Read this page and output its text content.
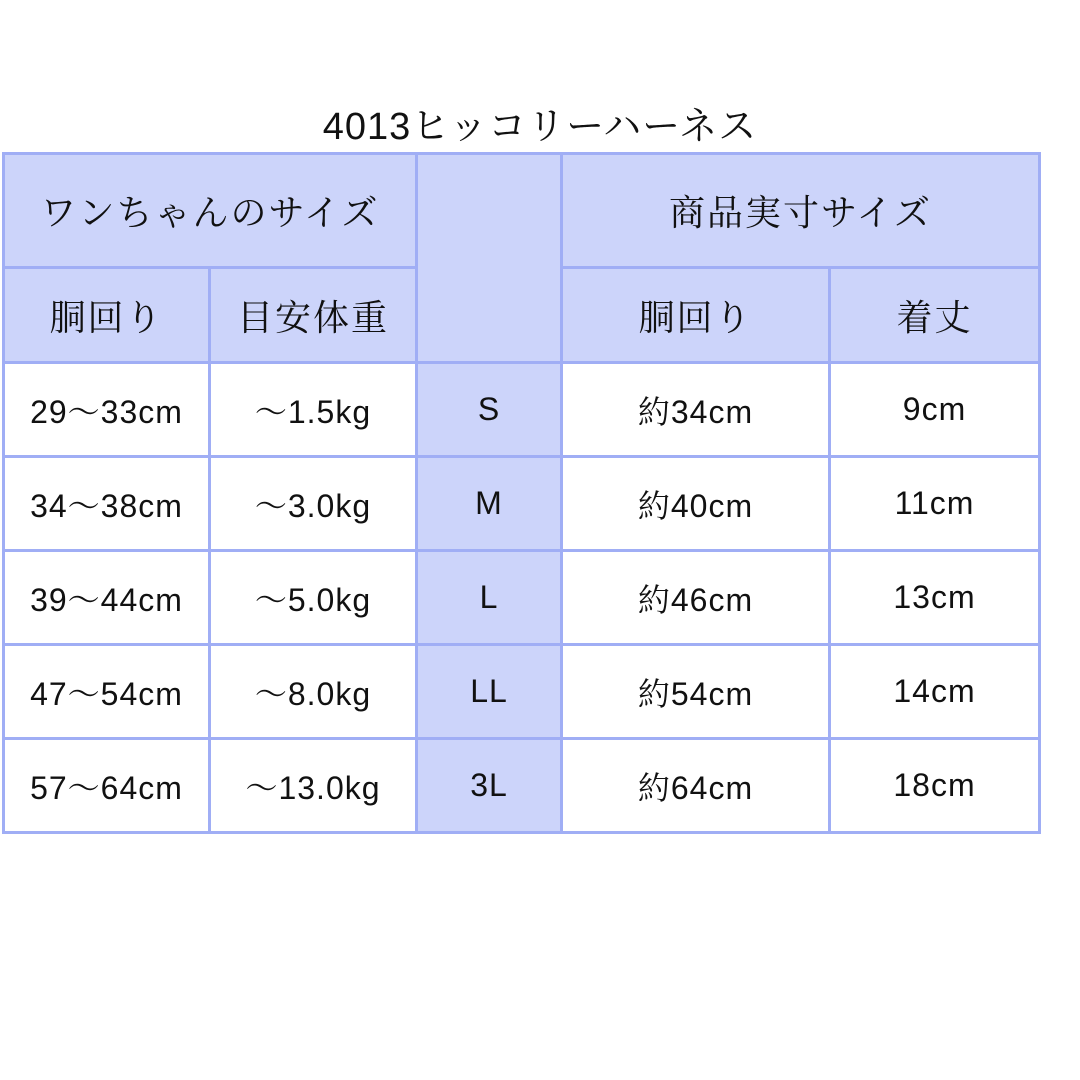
4013ヒッコリーハーネス
ワンちゃんのサイズ			商品実寸サイズ	
胴回り	目安体重		胴回り	着丈
29〜33cm	〜1.5kg	S	約34cm	9cm
34〜38cm	〜3.0kg	M	約40cm	11cm
39〜44cm	〜5.0kg	L	約46cm	13cm
47〜54cm	〜8.0kg	LL	約54cm	14cm
57〜64cm	〜13.0kg	3L	約64cm	18cm
